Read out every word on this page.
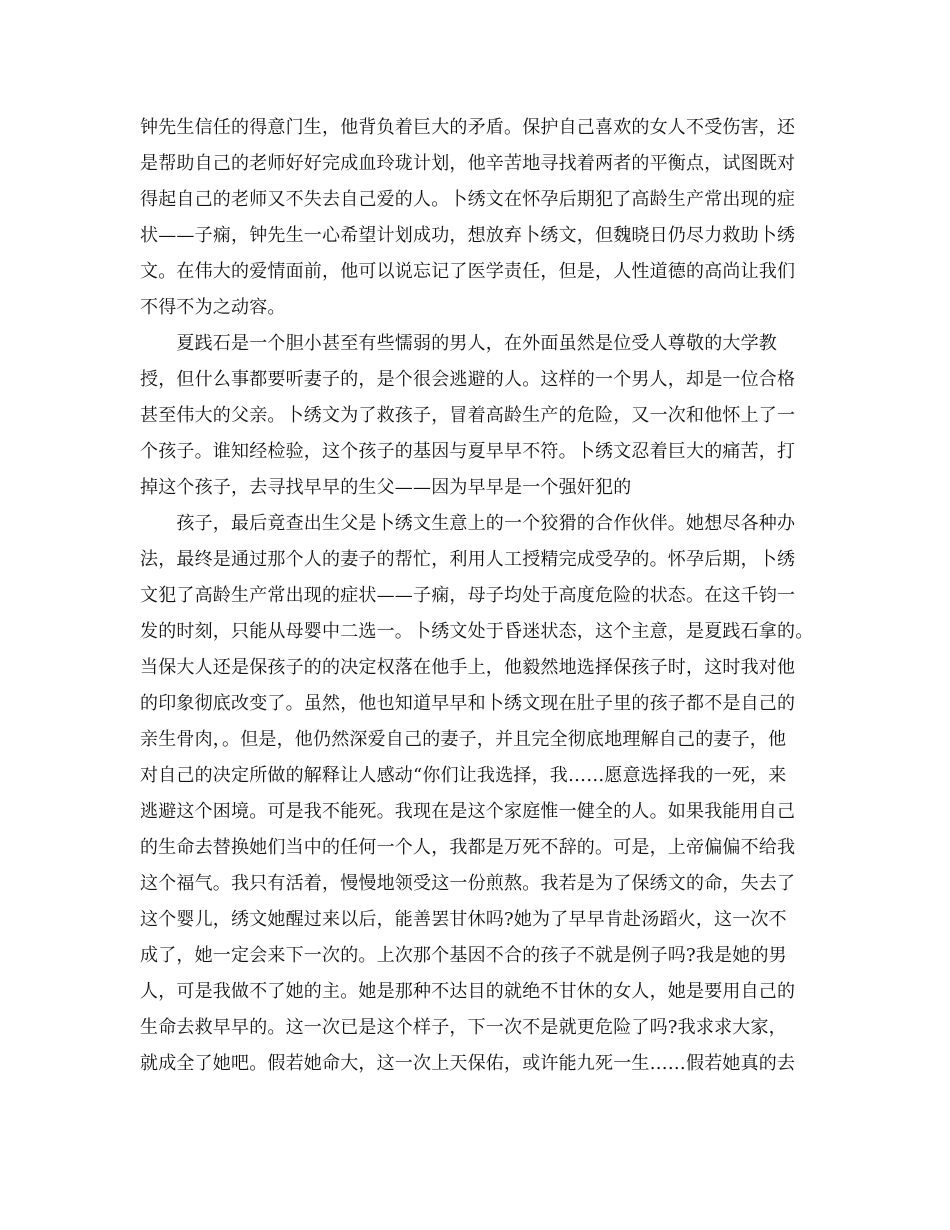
钟先生信任的得意门生，他背负着巨大的矛盾。保护自己喜欢的女人不受伤害，还
是帮助自己的老师好好完成血玲珑计划，他辛苦地寻找着两者的平衡点，试图既对
得起自己的老师又不失去自己爱的人。卜绣文在怀孕后期犯了高龄生产常出现的症
状——子痫，钟先生一心希望计划成功，想放弃卜绣文，但魏晓日仍尽力救助卜绣
文。在伟大的爱情面前，他可以说忘记了医学责任，但是，人性道德的高尚让我们
不得不为之动容。
　　夏践石是一个胆小甚至有些懦弱的男人，在外面虽然是位受人尊敬的大学教
授，但什么事都要听妻子的，是个很会逃避的人。这样的一个男人，却是一位合格
甚至伟大的父亲。卜绣文为了救孩子，冒着高龄生产的危险，又一次和他怀上了一
个孩子。谁知经检验，这个孩子的基因与夏早早不符。卜绣文忍着巨大的痛苦，打
掉这个孩子，去寻找早早的生父——因为早早是一个强奸犯的
　　孩子，最后竟查出生父是卜绣文生意上的一个狡猾的合作伙伴。她想尽各种办
法，最终是通过那个人的妻子的帮忙，利用人工授精完成受孕的。怀孕后期，卜绣
文犯了高龄生产常出现的症状——子痫，母子均处于高度危险的状态。在这千钧一
发的时刻，只能从母婴中二选一。卜绣文处于昏迷状态，这个主意，是夏践石拿的。
当保大人还是保孩子的的决定权落在他手上，他毅然地选择保孩子时，这时我对他
的印象彻底改变了。虽然，他也知道早早和卜绣文现在肚子里的孩子都不是自己的
亲生骨肉，。但是，他仍然深爱自己的妻子，并且完全彻底地理解自己的妻子，他
对自己的决定所做的解释让人感动“你们让我选择，我……愿意选择我的一死，来
逃避这个困境。可是我不能死。我现在是这个家庭惟一健全的人。如果我能用自己
的生命去替换她们当中的任何一个人，我都是万死不辞的。可是，上帝偏偏不给我
这个福气。我只有活着，慢慢地领受这一份煎熬。我若是为了保绣文的命，失去了
这个婴儿，绣文她醒过来以后，能善罢甘休吗?她为了早早肯赴汤蹈火，这一次不
成了，她一定会来下一次的。上次那个基因不合的孩子不就是例子吗?我是她的男
人，可是我做不了她的主。她是那种不达目的就绝不甘休的女人，她是要用自己的
生命去救早早的。这一次已是这个样子，下一次不是就更危险了吗?我求求大家，
就成全了她吧。假若她命大，这一次上天保佑，或许能九死一生……假若她真的去
